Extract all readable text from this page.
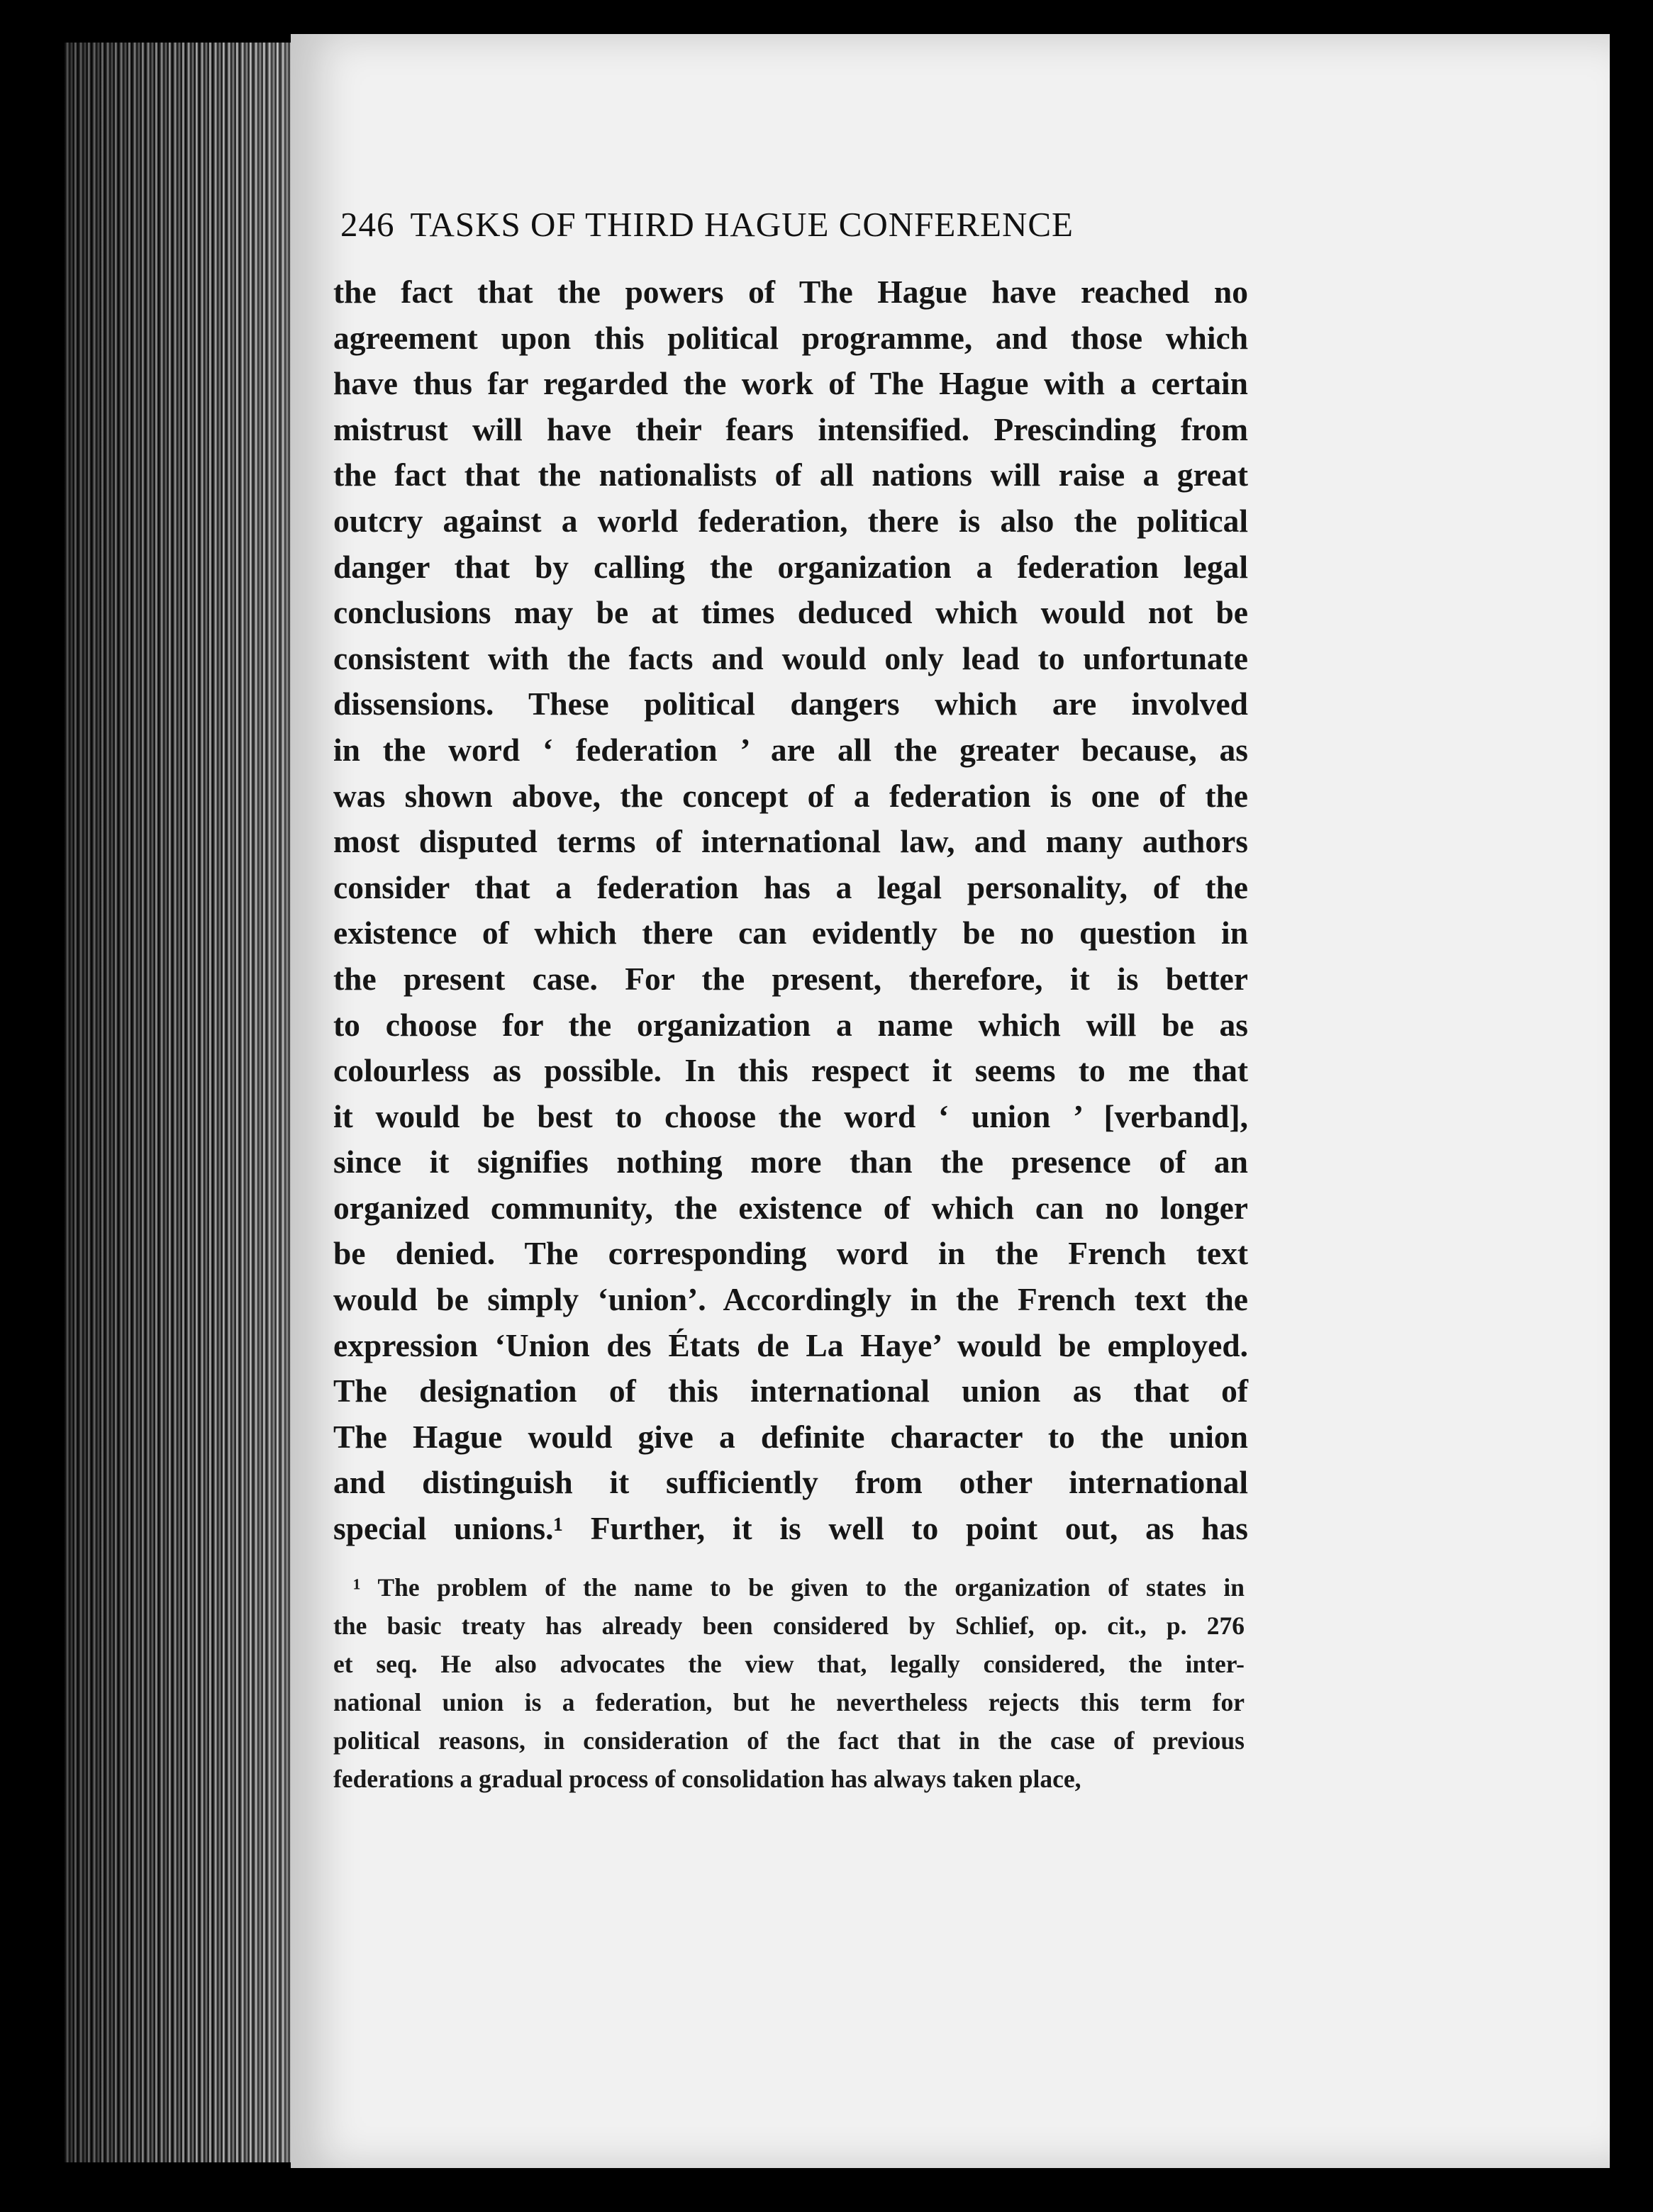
246 TASKS OF THIRD HAGUE CONFERENCE
the fact that the powers of The Hague have reached no
agreement upon this political programme, and those which
have thus far regarded the work of The Hague with a certain
mistrust will have their fears intensified. Prescinding from
the fact that the nationalists of all nations will raise a great
outcry against a world federation, there is also the political
danger that by calling the organization a federation legal
conclusions may be at times deduced which would not be
consistent with the facts and would only lead to unfortunate
dissensions. These political dangers which are involved
in the word ‘ federation ’ are all the greater because, as
was shown above, the concept of a federation is one of the
most disputed terms of international law, and many authors
consider that a federation has a legal personality, of the
existence of which there can evidently be no question in
the present case. For the present, therefore, it is better
to choose for the organization a name which will be as
colourless as possible. In this respect it seems to me that
it would be best to choose the word ‘ union ’ [verband],
since it signifies nothing more than the presence of an
organized community, the existence of which can no longer
be denied. The corresponding word in the French text
would be simply ‘union’. Accordingly in the French text the
expression ‘Union des États de La Haye’ would be employed.
The designation of this international union as that of
The Hague would give a definite character to the union
and distinguish it sufficiently from other international
special unions.¹ Further, it is well to point out, as has
¹ The problem of the name to be given to the organization of states in
the basic treaty has already been considered by Schlief, op. cit., p. 276
et seq. He also advocates the view that, legally considered, the inter-
national union is a federation, but he nevertheless rejects this term for
political reasons, in consideration of the fact that in the case of previous
federations a gradual process of consolidation has always taken place,
